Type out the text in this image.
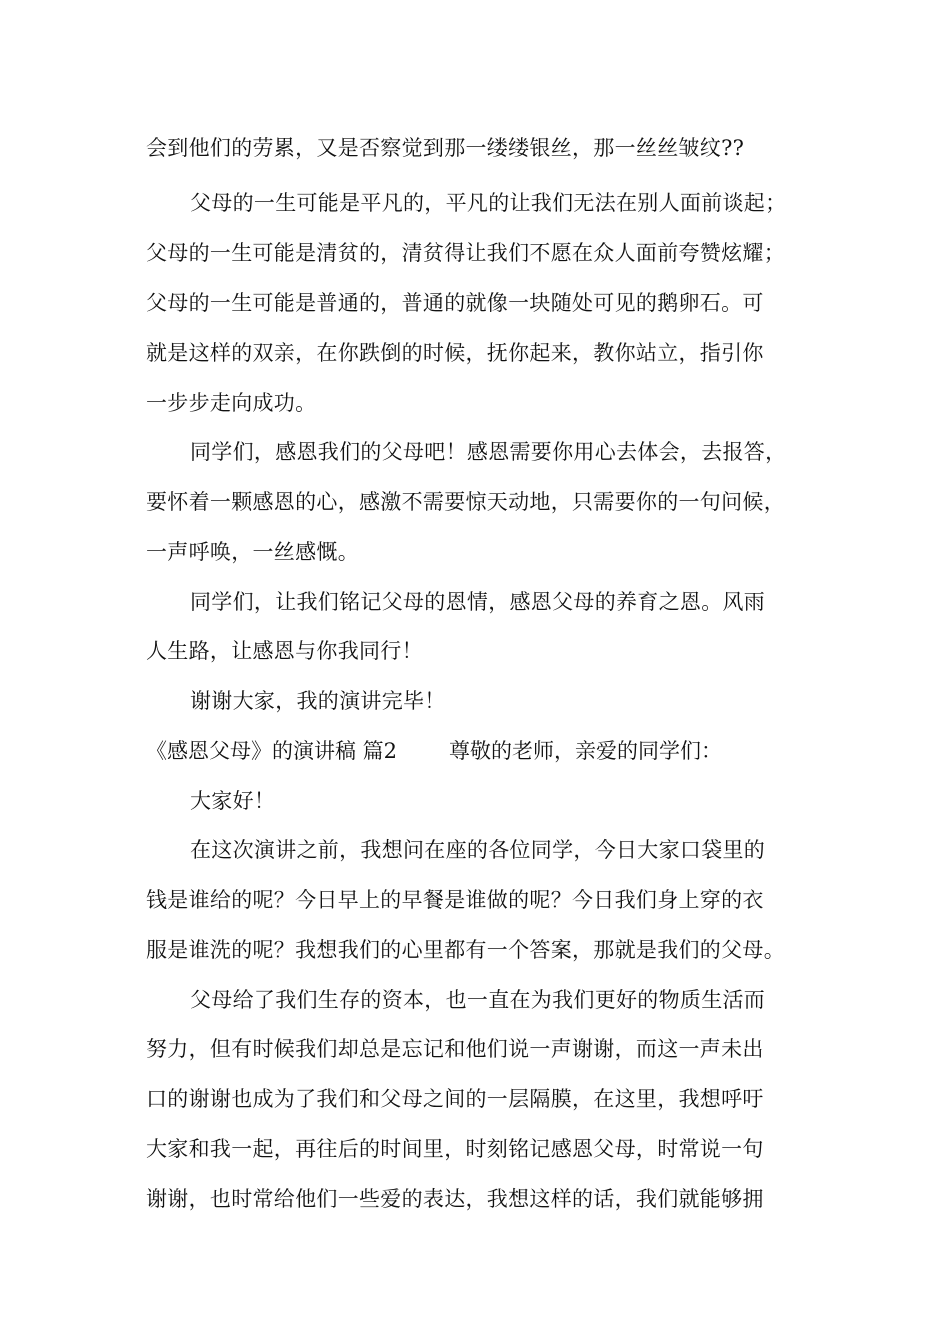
会到他们的劳累，又是否察觉到那一缕缕银丝，那一丝丝皱纹??
父母的一生可能是平凡的，平凡的让我们无法在别人面前谈起；
父母的一生可能是清贫的，清贫得让我们不愿在众人面前夸赞炫耀；
父母的一生可能是普通的，普通的就像一块随处可见的鹅卵石。可
就是这样的双亲，在你跌倒的时候，抚你起来，教你站立，指引你
一步步走向成功。
同学们，感恩我们的父母吧！感恩需要你用心去体会，去报答，
要怀着一颗感恩的心，感激不需要惊天动地，只需要你的一句问候，
一声呼唤，一丝感慨。
同学们，让我们铭记父母的恩情，感恩父母的养育之恩。风雨
人生路，让感恩与你我同行！
谢谢大家，我的演讲完毕！
《感恩父母》的演讲稿 篇2 尊敬的老师，亲爱的同学们：
大家好！
在这次演讲之前，我想问在座的各位同学，今日大家口袋里的
钱是谁给的呢？今日早上的早餐是谁做的呢？今日我们身上穿的衣
服是谁洗的呢？我想我们的心里都有一个答案，那就是我们的父母。
父母给了我们生存的资本，也一直在为我们更好的物质生活而
努力，但有时候我们却总是忘记和他们说一声谢谢，而这一声未出
口的谢谢也成为了我们和父母之间的一层隔膜，在这里，我想呼吁
大家和我一起，再往后的时间里，时刻铭记感恩父母，时常说一句
谢谢，也时常给他们一些爱的表达，我想这样的话，我们就能够拥
